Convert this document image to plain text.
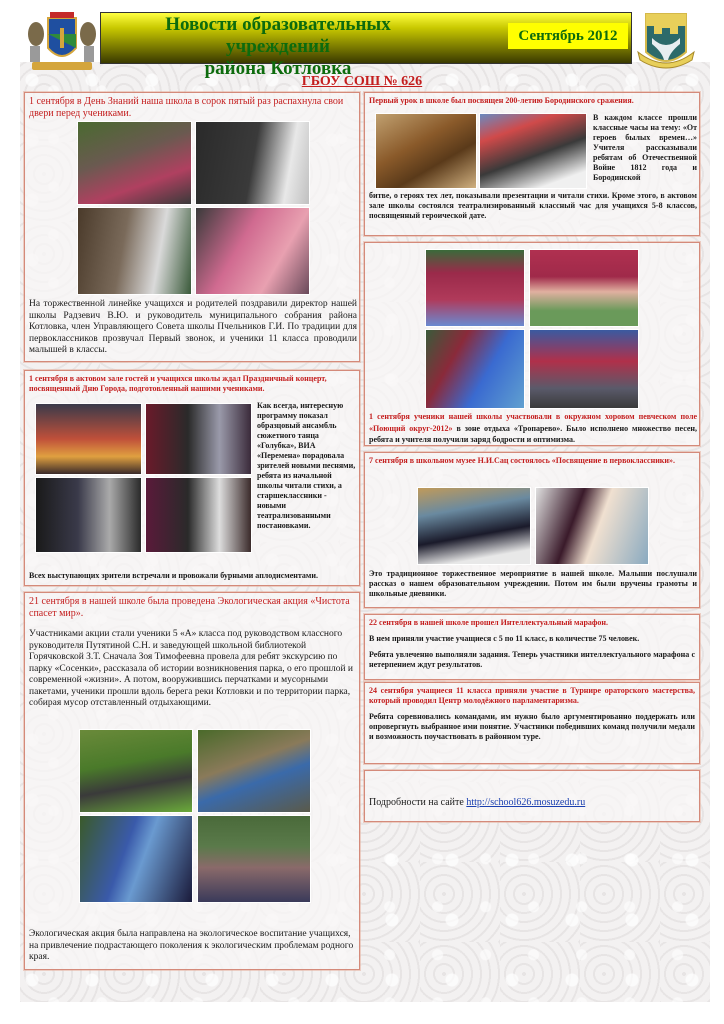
Новости образовательных учреждений
района Котловка
Сентябрь 2012
ГБОУ СОШ № 626
1 сентября в День Знаний наша школа в сорок пятый раз распахнула свои двери перед учениками.
На торжественной линейке учащихся и родителей поздравили директор нашей школы Радзевич В.Ю. и руководитель муниципального собрания района Котловка, член Управляющего Совета школы Пчельников Г.И. По традиции для первоклассников прозвучал Первый звонок, и ученики 11 класса проводили малышей в классы.
1 сентября в актовом зале гостей и учащихся школы ждал Праздничный концерт, посвященный Дню Города, подготовленный нашими учениками.
Как всегда, интересную программу показал образцовый ансамбль сюжетного танца «Голубка», ВИА «Перемена» порадовала зрителей новыми песнями, ребята из начальной школы читали стихи, а старшеклассники - новыми театрализованными постановками.
Всех выступающих зрители встречали и провожали бурными аплодисментами.
21 сентября в нашей школе была проведена Экологическая акция «Чистота спасет мир».
Участниками акции стали ученики 5 «А» класса под руководством классного руководителя Путятиной С.Н. и заведующей школьной библиотекой Горячковской З.Т. Сначала Зоя Тимофеевна провела для ребят экскурсию по парку «Сосенки», рассказала об истории возникновения парка, о его прошлой и современной «жизни». А потом, вооружившись перчатками и мусорными пакетами, ученики прошли вдоль берега реки Котловки и по территории парка, собирая мусор отставленный отдыхающими.
Экологическая акция была направлена на экологическое воспитание учащихся, на привлечение подрастающего поколения к экологическим проблемам родного края.
Первый урок в школе был посвящен 200-летию Бородинского сражения.
В каждом классе прошли классные часы на тему: «От героев былых времен…» Учителя рассказывали ребятам об Отечественной Войне 1812 года и Бородинской
битве, о героях тех лет, показывали презентации и читали стихи. Кроме этого, в актовом зале школы состоялся театрализированный классный час для учащихся 5-8 классов, посвященный героической дате.
1 сентября ученики нашей школы участвовали в окружном хоровом певческом поле «Поющий округ-2012» в зоне отдыха «Тропарево». Было исполнено множество песен, ребята и учителя получили заряд бодрости и оптимизма.
7 сентября в школьном музее Н.И.Сац состоялось «Посвящение в первоклассники».
Это традиционное торжественное мероприятие в нашей школе. Малыши послушали рассказ о нашем образовательном учреждении. Потом им были вручены грамоты и школьные дневники.
22 сентября в нашей школе прошел Интеллектуальный марафон.
В нем приняли участие учащиеся с 5 по 11 класс, в количестве 75 человек.
Ребята увлеченно выполняли задания. Теперь участники интеллектуального марафона с нетерпением ждут результатов.
24 сентября учащиеся 11 класса приняли участие в Турнире ораторского мастерства, который проводил Центр молодёжного парламентаризма.
Ребята соревновались командами, им нужно было аргументированно поддержать или опровергнуть выбранное ими понятие. Участники победивших команд получили медали и возможность поучаствовать в районном туре.
Подробности на сайте http://school626.mosuzedu.ru
